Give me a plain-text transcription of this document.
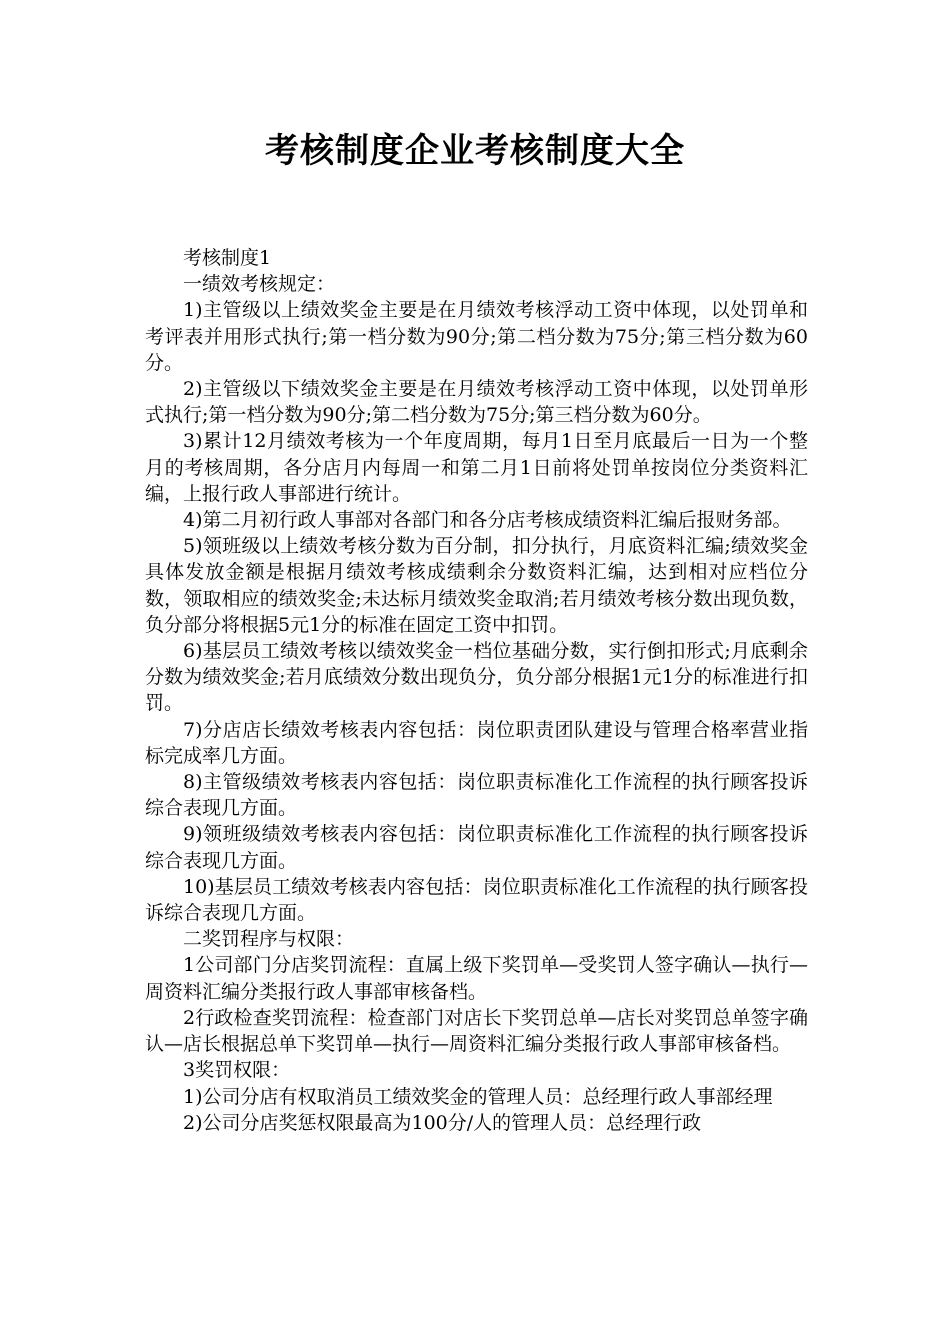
考核制度企业考核制度大全

考核制度1

一绩效考核规定：

1)主管级以上绩效奖金主要是在月绩效考核浮动工资中体现，以处罚单和考评表并用形式执行;第一档分数为90分;第二档分数为75分;第三档分数为60分。

2)主管级以下绩效奖金主要是在月绩效考核浮动工资中体现，以处罚单形式执行;第一档分数为90分;第二档分数为75分;第三档分数为60分。

3)累计12月绩效考核为一个年度周期，每月1日至月底最后一日为一个整月的考核周期，各分店月内每周一和第二月1日前将处罚单按岗位分类资料汇编，上报行政人事部进行统计。

4)第二月初行政人事部对各部门和各分店考核成绩资料汇编后报财务部。

5)领班级以上绩效考核分数为百分制，扣分执行，月底资料汇编;绩效奖金具体发放金额是根据月绩效考核成绩剩余分数资料汇编，达到相对应档位分数，领取相应的绩效奖金;未达标月绩效奖金取消;若月绩效考核分数出现负数，负分部分将根据5元1分的标准在固定工资中扣罚。

6)基层员工绩效考核以绩效奖金一档位基础分数，实行倒扣形式;月底剩余分数为绩效奖金;若月底绩效分数出现负分，负分部分根据1元1分的标准进行扣罚。

7)分店店长绩效考核表内容包括：岗位职责团队建设与管理合格率营业指标完成率几方面。

8)主管级绩效考核表内容包括：岗位职责标准化工作流程的执行顾客投诉综合表现几方面。

9)领班级绩效考核表内容包括：岗位职责标准化工作流程的执行顾客投诉综合表现几方面。

10)基层员工绩效考核表内容包括：岗位职责标准化工作流程的执行顾客投诉综合表现几方面。

二奖罚程序与权限：

1公司部门分店奖罚流程：直属上级下奖罚单—受奖罚人签字确认—执行—周资料汇编分类报行政人事部审核备档。

2行政检查奖罚流程：检查部门对店长下奖罚总单—店长对奖罚总单签字确认—店长根据总单下奖罚单—执行—周资料汇编分类报行政人事部审核备档。

3奖罚权限：

1)公司分店有权取消员工绩效奖金的管理人员：总经理行政人事部经理

2)公司分店奖惩权限最高为100分/人的管理人员：总经理行政
